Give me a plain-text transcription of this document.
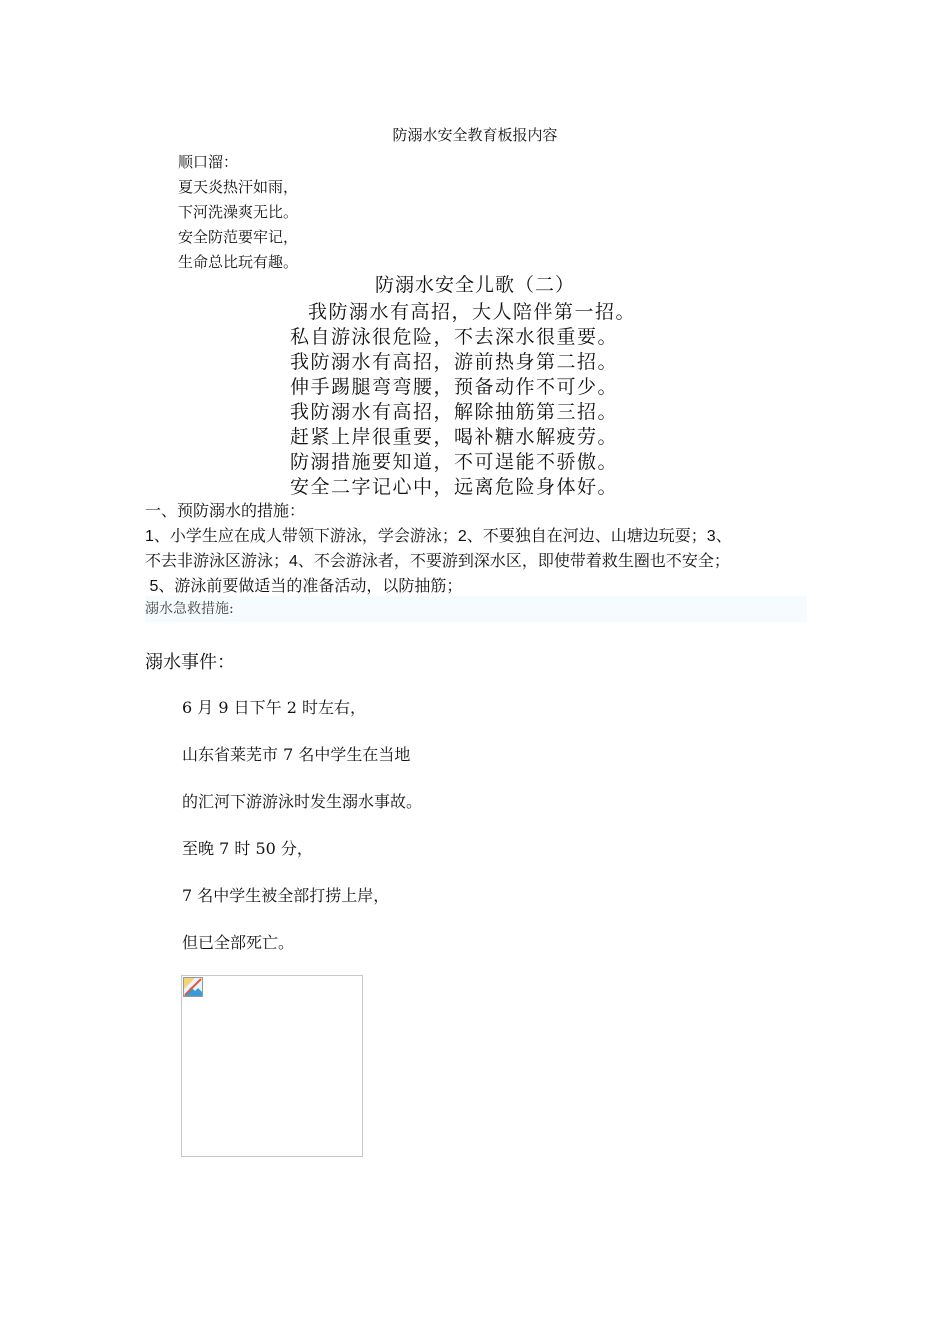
防溺水安全教育板报内容
顺口溜：
夏天炎热汗如雨，
下河洗澡爽无比。
安全防范要牢记，
生命总比玩有趣。
防溺水安全儿歌（二）
我防溺水有高招，大人陪伴第一招。
私自游泳很危险，不去深水很重要。
我防溺水有高招，游前热身第二招。
伸手踢腿弯弯腰，预备动作不可少。
我防溺水有高招，解除抽筋第三招。
赶紧上岸很重要，喝补糖水解疲劳。
防溺措施要知道，不可逞能不骄傲。
安全二字记心中，远离危险身体好。
一、预防溺水的措施：
1、小学生应在成人带领下游泳，学会游泳；2、不要独自在河边、山塘边玩耍；3、
不去非游泳区游泳；4、不会游泳者，不要游到深水区，即使带着救生圈也不安全；
5、游泳前要做适当的准备活动，以防抽筋；
溺水急救措施:
溺水事件：
6 月 9 日下午 2 时左右，
山东省莱芜市 7 名中学生在当地
的汇河下游游泳时发生溺水事故。
至晚 7 时 50 分，
7 名中学生被全部打捞上岸，
但已全部死亡。
